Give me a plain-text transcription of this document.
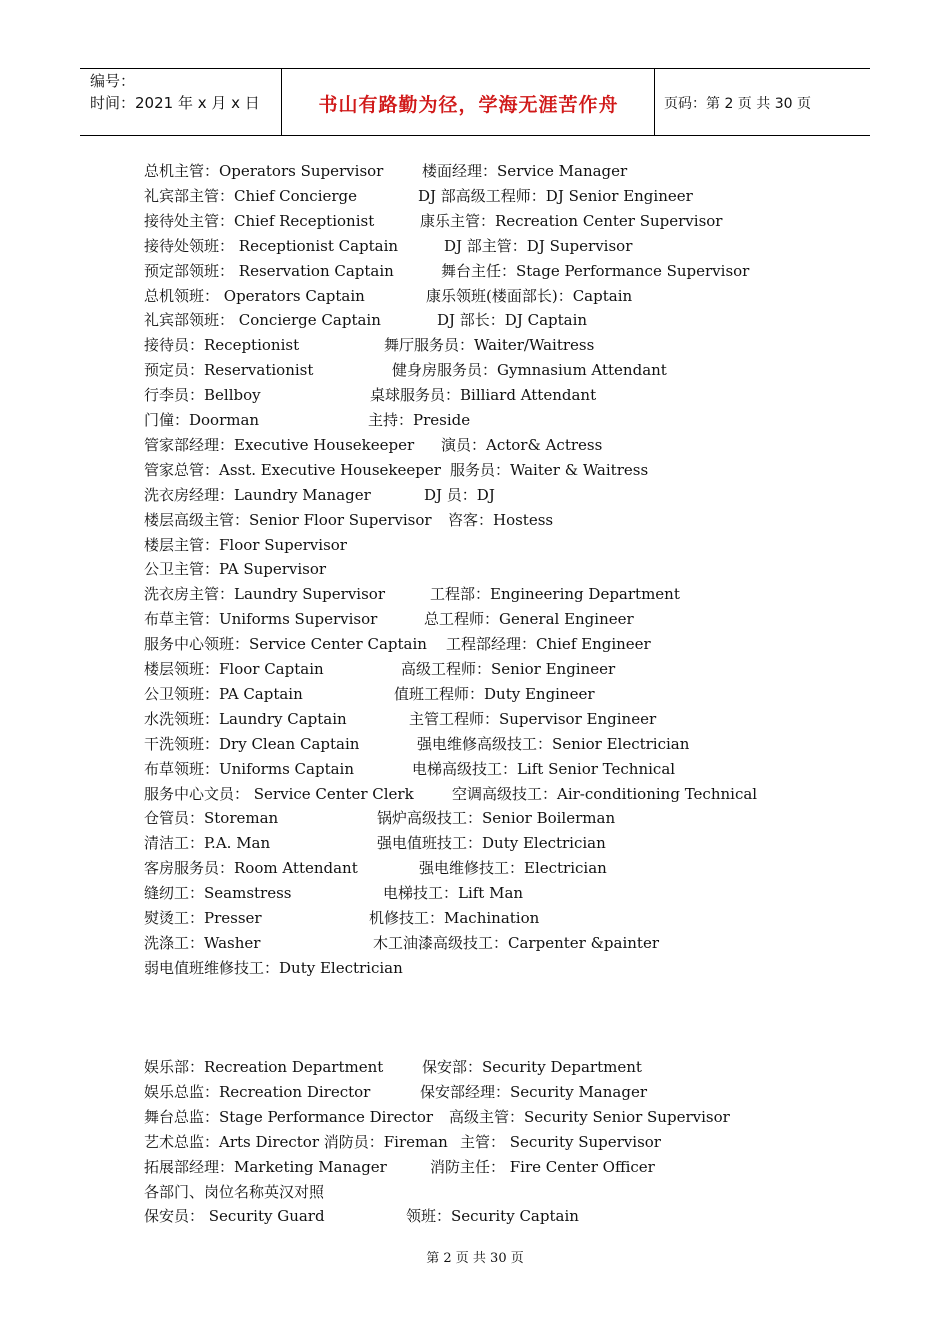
编号：
时间：2021 年 x 月 x 日	书山有路勤为径，学海无涯苦作舟	页码：第 2 页 共 30 页
总机主管：Operators Supervisor	楼面经理：Service Manager
礼宾部主管：Chief Concierge	DJ 部高级工程师：DJ Senior Engineer
接待处主管：Chief Receptionist	康乐主管：Recreation Center Supervisor
接待处领班： Receptionist Captain	DJ 部主管：DJ Supervisor
预定部领班： Reservation Captain	舞台主任：Stage Performance Supervisor
总机领班： Operators Captain	康乐领班(楼面部长)：Captain
礼宾部领班： Concierge Captain	DJ 部长：DJ Captain
接待员：Receptionist	舞厅服务员：Waiter/Waitress
预定员：Reservationist	健身房服务员：Gymnasium Attendant
行李员：Bellboy	桌球服务员：Billiard Attendant
门僮：Doorman	主持：Preside
管家部经理：Executive Housekeeper 演员：Actor& Actress
管家总管：Asst. Executive Housekeeper 服务员：Waiter & Waitress
洗衣房经理：Laundry Manager	DJ 员：DJ
楼层高级主管：Senior Floor Supervisor 咨客：Hostess
楼层主管：Floor Supervisor
公卫主管：PA Supervisor
洗衣房主管：Laundry Supervisor	工程部：Engineering Department
布草主管：Uniforms Supervisor	总工程师：General Engineer
服务中心领班：Service Center Captain 工程部经理：Chief Engineer
楼层领班：Floor Captain	高级工程师：Senior Engineer
公卫领班：PA Captain	值班工程师：Duty Engineer
水洗领班：Laundry Captain	主管工程师：Supervisor Engineer
干洗领班：Dry Clean Captain	强电维修高级技工：Senior Electrician
布草领班：Uniforms Captain	电梯高级技工：Lift Senior Technical
服务中心文员： Service Center Clerk	空调高级技工：Air-conditioning Technical
仓管员：Storeman	锅炉高级技工：Senior Boilerman
清洁工：P.A. Man	强电值班技工：Duty Electrician
客房服务员：Room Attendant	强电维修技工：Electrician
缝纫工：Seamstress	电梯技工：Lift Man
熨烫工：Presser	机修技工：Machination
洗涤工：Washer	木工油漆高级技工：Carpenter &painter
弱电值班维修技工：Duty Electrician
娱乐部：Recreation Department	保安部：Security Department
娱乐总监：Recreation Director	保安部经理：Security Manager
舞台总监：Stage Performance Director 高级主管：Security Senior Supervisor
艺术总监：Arts Director 消防员：Fireman 主管： Security Supervisor
拓展部经理：Marketing Manager	消防主任： Fire Center Officer
各部门、岗位名称英汉对照
保安员： Security Guard	领班：Security Captain
第 2 页 共 30 页
